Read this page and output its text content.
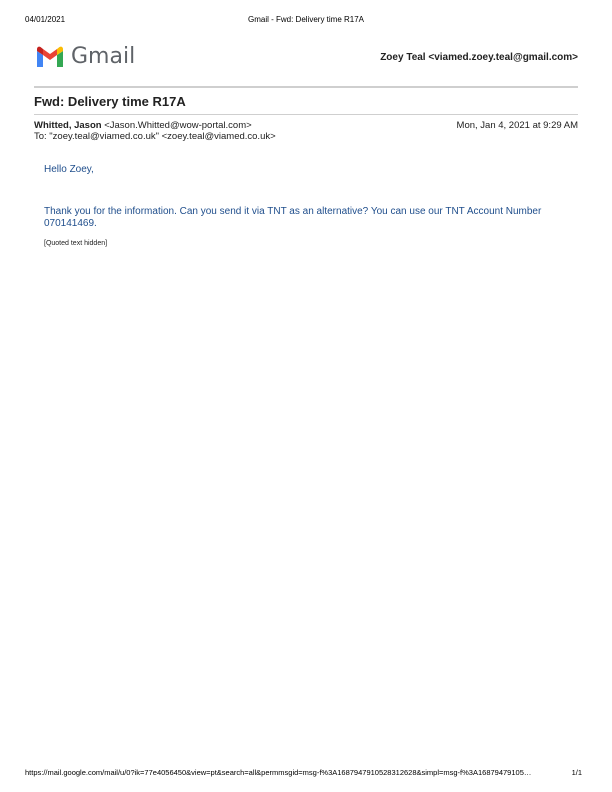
04/01/2021	Gmail - Fwd: Delivery time R17A
Gmail	Zoey Teal <viamed.zoey.teal@gmail.com>
Fwd: Delivery time R17A
Whitted, Jason <Jason.Whitted@wow-portal.com>	Mon, Jan 4, 2021 at 9:29 AM
To: "zoey.teal@viamed.co.uk" <zoey.teal@viamed.co.uk>
Hello Zoey,
Thank you for the information. Can you send it via TNT as an alternative? You can use our TNT Account Number
070141469.
[Quoted text hidden]
https://mail.google.com/mail/u/0?ik=77e4056450&view=pt&search=all&permmsgid=msg-f%3A1687947910528312628&simpl=msg-f%3A16879479105…	1/1
